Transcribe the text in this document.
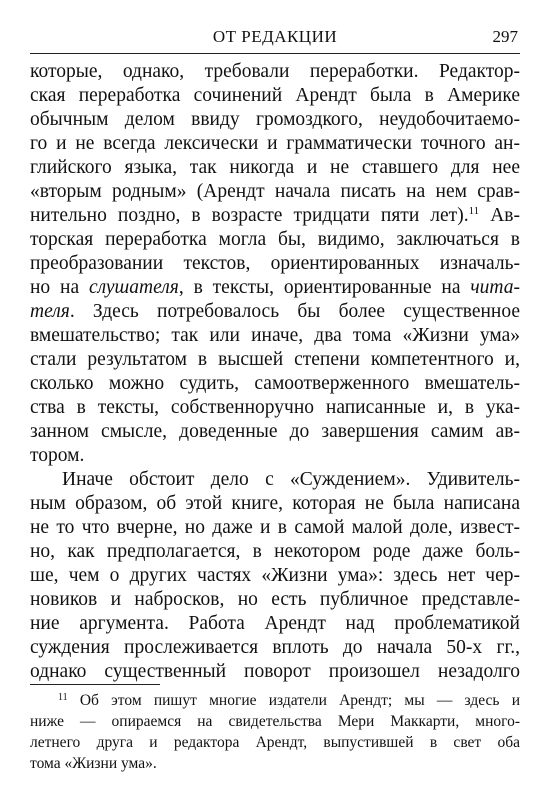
ОТ РЕДАКЦИИ	297
которые, однако, требовали переработки. Редактор-
ская переработка сочинений Арендт была в Америке
обычным делом ввиду громоздкого, неудобочитаемо-
го и не всегда лексически и грамматически точного ан-
глийского языка, так никогда и не ставшего для нее
«вторым родным» (Арендт начала писать на нем срав-
нительно поздно, в возрасте тридцати пяти лет).$^{11}$ Ав-
торская переработка могла бы, видимо, заключаться в
преобразовании текстов, ориентированных изначаль-
но на слушателя, в тексты, ориентированные на чита-
теля. Здесь потребовалось бы более существенное
вмешательство; так или иначе, два тома «Жизни ума»
стали результатом в высшей степени компетентного и,
сколько можно судить, самоотверженного вмешатель-
ства в тексты, собственноручно написанные и, в ука-
занном смысле, доведенные до завершения самим ав-
тором.
Иначе обстоит дело с «Суждением». Удивитель-
ным образом, об этой книге, которая не была написана
не то что вчерне, но даже и в самой малой доле, извест-
но, как предполагается, в некотором роде даже боль-
ше, чем о других частях «Жизни ума»: здесь нет чер-
новиков и набросков, но есть публичное представле-
ние аргумента. Работа Арендт над проблематикой
суждения прослеживается вплоть до начала 50-х гг.,
однако существенный поворот произошел незадолго
$^{11}$ Об этом пишут многие издатели Арендт; мы — здесь и
ниже — опираемся на свидетельства Мери Маккарти, много-
летнего друга и редактора Арендт, выпустившей в свет оба
тома «Жизни ума».
